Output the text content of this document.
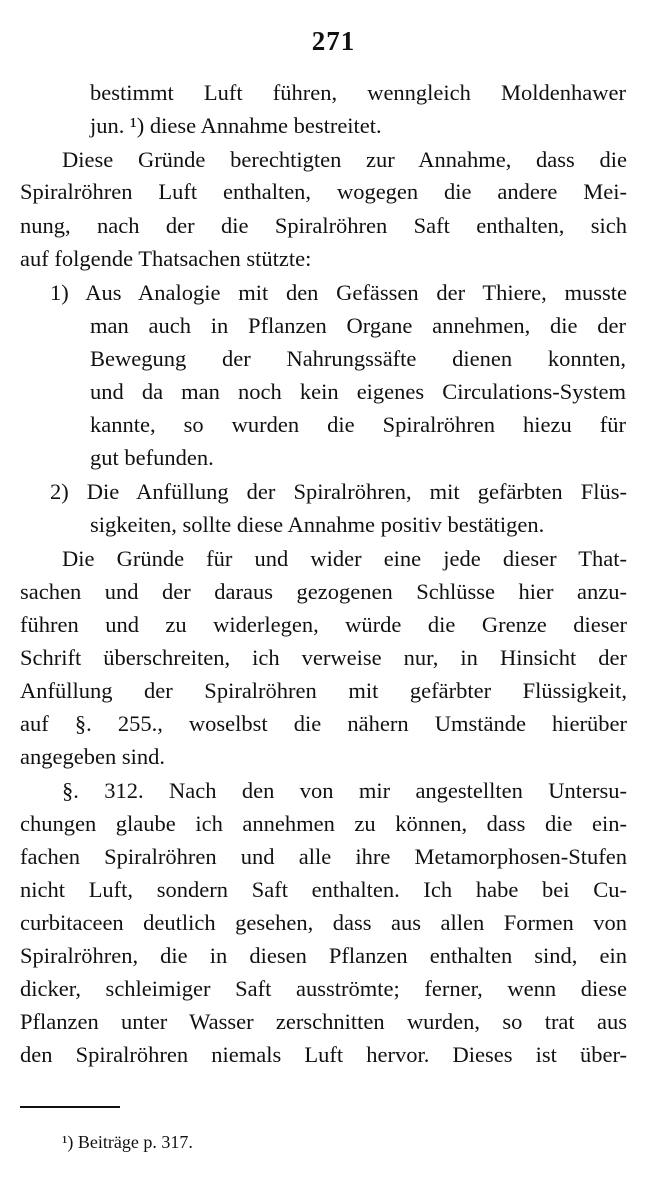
271
bestimmt Luft führen, wenngleich Moldenhawer
jun. ¹) diese Annahme bestreitet.
Diese Gründe berechtigten zur Annahme, dass die
Spiralröhren Luft enthalten, wogegen die andere Mei-
nung, nach der die Spiralröhren Saft enthalten, sich
auf folgende Thatsachen stützte:
1) Aus Analogie mit den Gefässen der Thiere, musste
man auch in Pflanzen Organe annehmen, die der
Bewegung der Nahrungssäfte dienen konnten,
und da man noch kein eigenes Circulations-System
kannte, so wurden die Spiralröhren hiezu für
gut befunden.
2) Die Anfüllung der Spiralröhren, mit gefärbten Flüs-
sigkeiten, sollte diese Annahme positiv bestätigen.
Die Gründe für und wider eine jede dieser That-
sachen und der daraus gezogenen Schlüsse hier anzu-
führen und zu widerlegen, würde die Grenze dieser
Schrift überschreiten, ich verweise nur, in Hinsicht der
Anfüllung der Spiralröhren mit gefärbter Flüssigkeit,
auf §. 255., woselbst die nähern Umstände hierüber
angegeben sind.
§. 312. Nach den von mir angestellten Untersu-
chungen glaube ich annehmen zu können, dass die ein-
fachen Spiralröhren und alle ihre Metamorphosen-Stufen
nicht Luft, sondern Saft enthalten. Ich habe bei Cu-
curbitaceen deutlich gesehen, dass aus allen Formen von
Spiralröhren, die in diesen Pflanzen enthalten sind, ein
dicker, schleimiger Saft ausströmte; ferner, wenn diese
Pflanzen unter Wasser zerschnitten wurden, so trat aus
den Spiralröhren niemals Luft hervor. Dieses ist über-
¹) Beiträge p. 317.
